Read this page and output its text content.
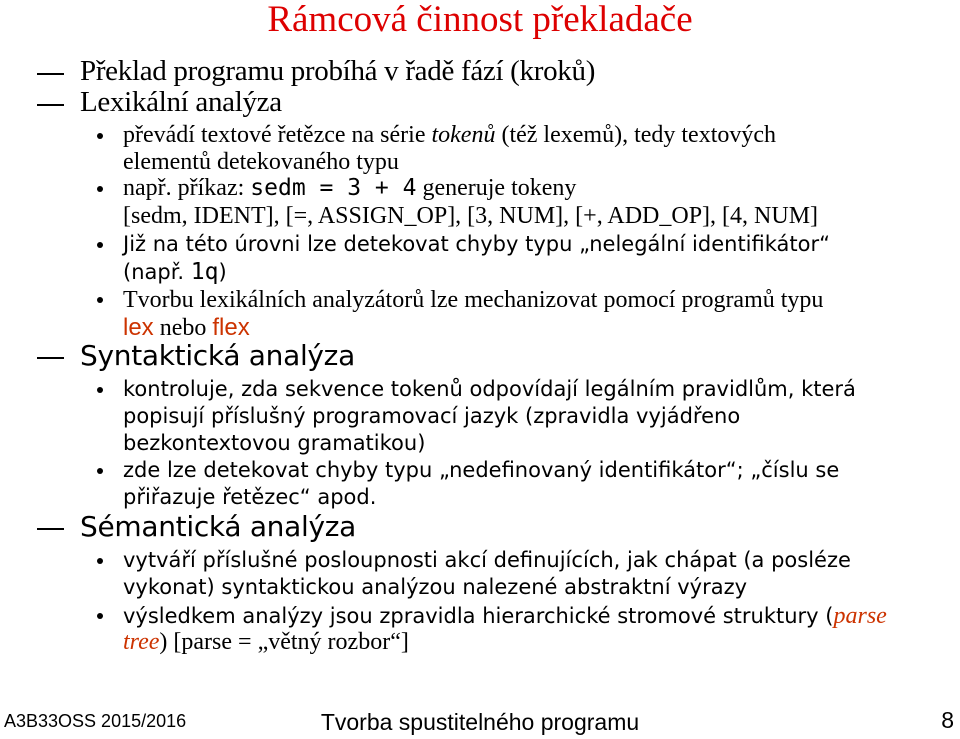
Rámcová činnost překladače
Překlad programu probíhá v řadě fází (kroků)
Lexikální analýza
převádí textové řetězce na série tokenů (též lexemů), tedy textových
elementů detekovaného typu
např. příkaz: sedm = 3 + 4 generuje tokeny
[sedm, IDENT], [=, ASSIGN_OP], [3, NUM], [+, ADD_OP], [4, NUM]
Již na této úrovni lze detekovat chyby typu „nelegální identifikátor“
(např. 1q)
Tvorbu lexikálních analyzátorů lze mechanizovat pomocí programů typu
lex nebo flex
Syntaktická analýza
kontroluje, zda sekvence tokenů odpovídají legálním pravidlům, která
popisují příslušný programovací jazyk (zpravidla vyjádřeno
bezkontextovou gramatikou)
zde lze detekovat chyby typu „nedefinovaný identifikátor“; „číslu se
přiřazuje řetězec“ apod.
Sémantická analýza
vytváří příslušné posloupnosti akcí definujících, jak chápat (a posléze
vykonat) syntaktickou analýzou nalezené abstraktní výrazy
výsledkem analýzy jsou zpravidla hierarchické stromové struktury (parse
tree) [parse = „větný rozbor“]
A3B33OSS 2015/2016	Tvorba spustitelného programu	8
